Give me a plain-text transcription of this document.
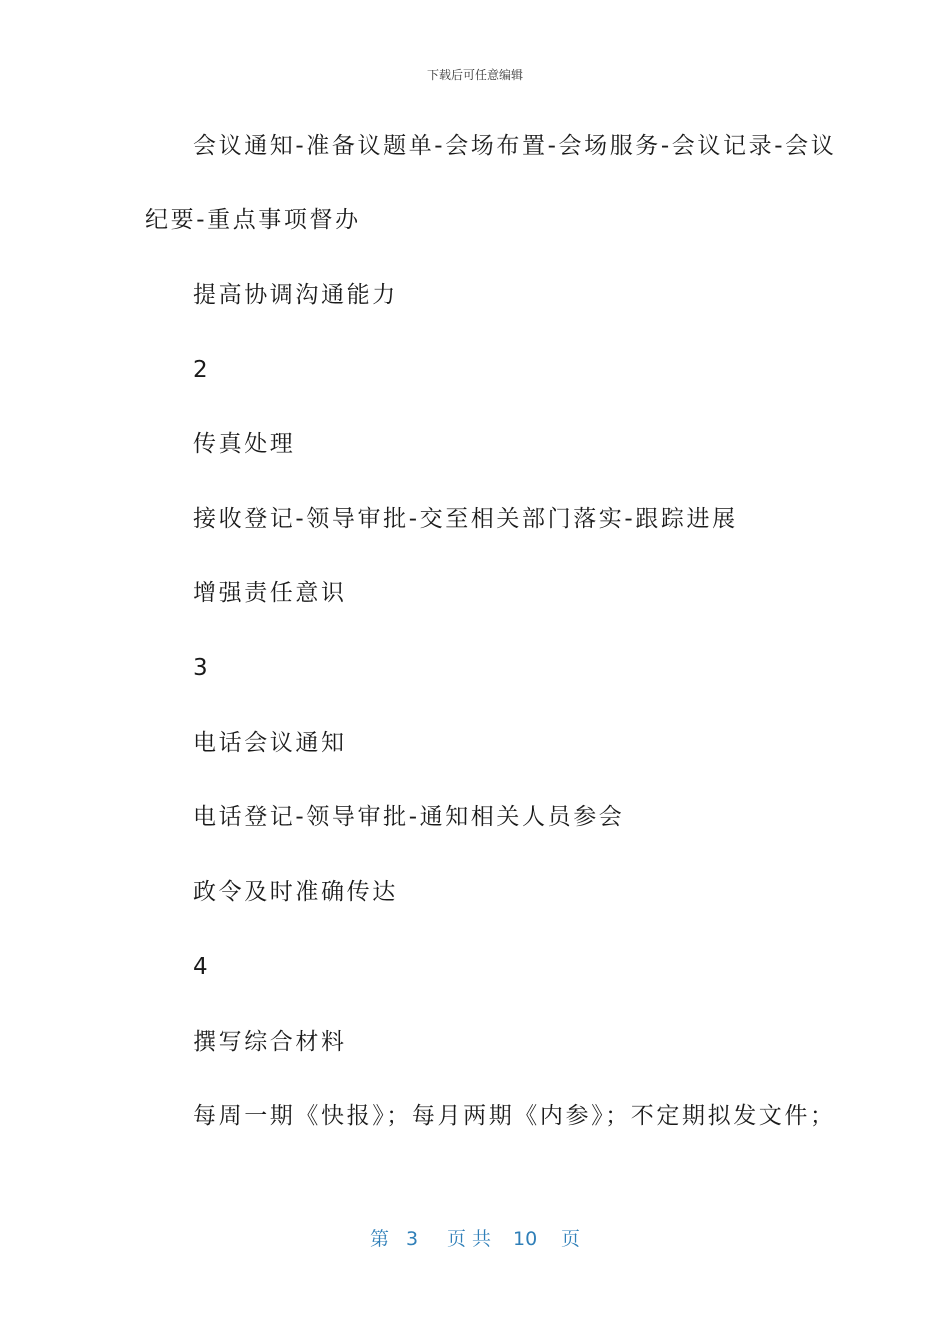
下载后可任意编辑
会议通知-准备议题单-会场布置-会场服务-会议记录-会议
纪要-重点事项督办
提高协调沟通能力
2
传真处理
接收登记-领导审批-交至相关部门落实-跟踪进展
增强责任意识
3
电话会议通知
电话登记-领导审批-通知相关人员参会
政令及时准确传达
4
撰写综合材料
每周一期《快报》；每月两期《内参》；不定期拟发文件；
第 3 页 共 10 页
